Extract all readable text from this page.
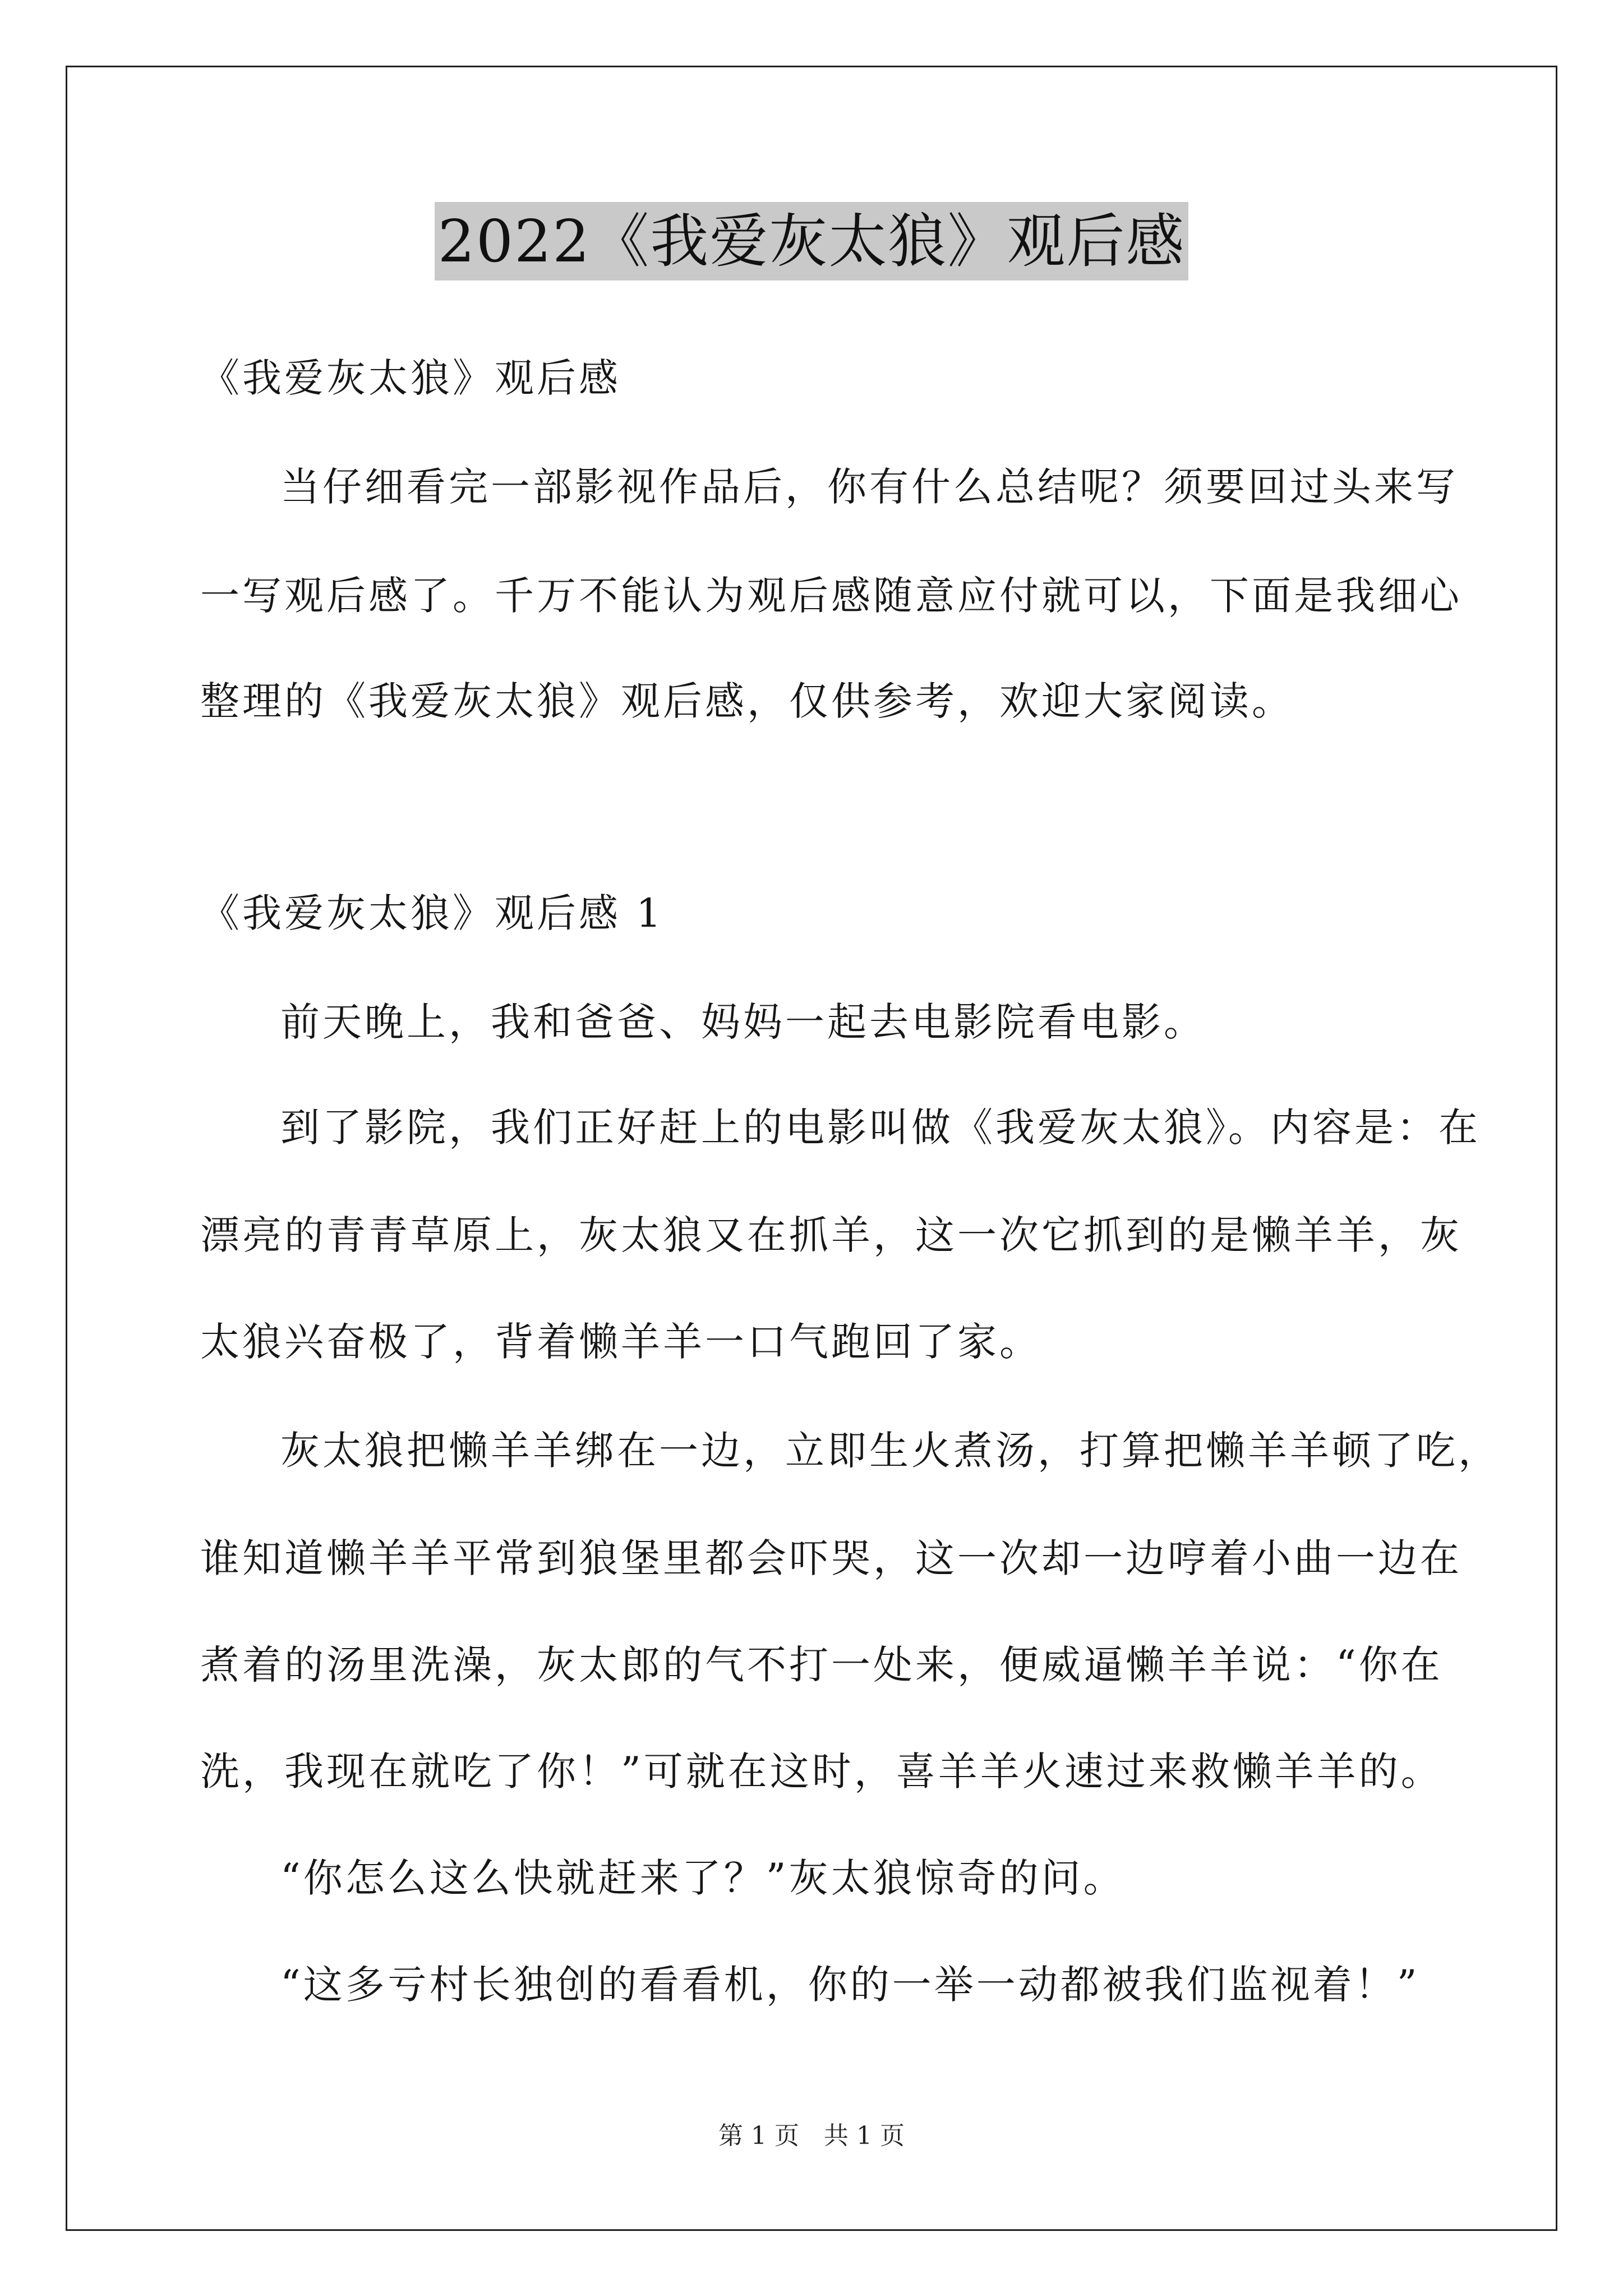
2022《我爱灰太狼》观后感
《我爱灰太狼》观后感
当仔细看完一部影视作品后，你有什么总结呢？须要回过头来写
一写观后感了。千万不能认为观后感随意应付就可以，下面是我细心
整理的《我爱灰太狼》观后感，仅供参考，欢迎大家阅读。
《我爱灰太狼》观后感 1
前天晚上，我和爸爸、妈妈一起去电影院看电影。
到了影院，我们正好赶上的电影叫做《我爱灰太狼》。内容是：在
漂亮的青青草原上，灰太狼又在抓羊，这一次它抓到的是懒羊羊，灰
太狼兴奋极了，背着懒羊羊一口气跑回了家。
灰太狼把懒羊羊绑在一边，立即生火煮汤，打算把懒羊羊顿了吃，
谁知道懒羊羊平常到狼堡里都会吓哭，这一次却一边哼着小曲一边在
煮着的汤里洗澡，灰太郎的气不打一处来，便威逼懒羊羊说：“你在
洗，我现在就吃了你！”可就在这时，喜羊羊火速过来救懒羊羊的。
“你怎么这么快就赶来了？”灰太狼惊奇的问。
“这多亏村长独创的看看机，你的一举一动都被我们监视着！”
第 1 页　共 1 页
